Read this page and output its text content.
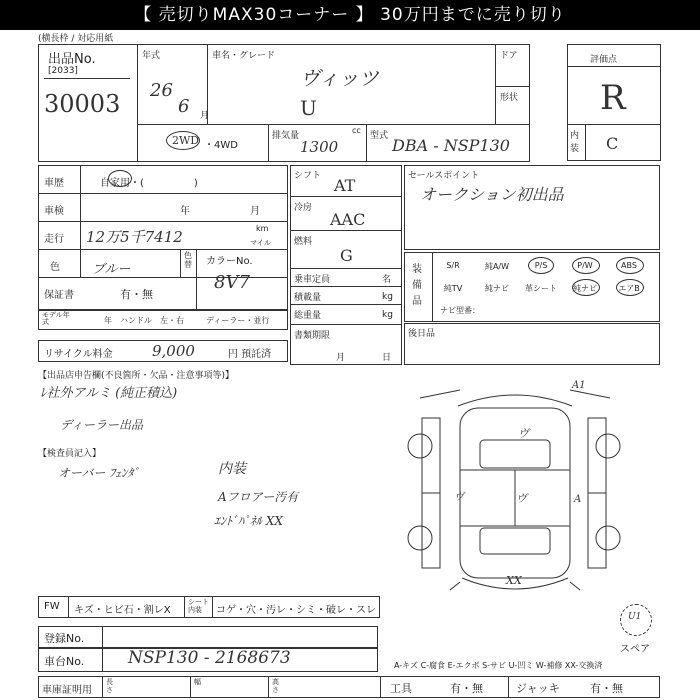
【 売切りMAX30コーナー 】 30万円までに売り切り
(横長枠 / 対応用紙
出品No.
[2033]
30003
年式
26
6 月
車名・グレード
ヴィッツ
U
ドア
形状
2WD ・4WD
排気量
cc
1300
型式 DBA - NSP130
評価点
R
内装 C
車歴	自家用・(　　　　　)
車検	年	月
走行 12万5千7412	km
マイル
色 ブルー
色替	カラーNo.
8V7
保証書	有・無
モデル年式	年 ハンドル　左・右	ディーラー・並行
リサイクル料金	9,000	円 預託済
シフト AT
冷房
AAC
燃料
G
乗車定員	名
積載量	kg
総重量	kg
書類期限
月	日
セールスポイント
オークション初出品
装備品
S/R	純A/W	P/S	P/W	ABS
純TV	純ナビ	革シート	純ナビ	エアB
ナビ型番：
後日品
【出品店申告欄(不良箇所・欠品・注意事項等)】
ﾚ社外アルミ (純正積込)
ディーラー出品
【検査員記入】
オーバー ﾌｪﾝﾀﾞ	内装
Aフロアー汚有
ｴﾝﾄﾞﾊﾟﾈﾙ XX
A1
ヴ
ヴ	ヴ	A
XX
U1
スペア
FW キズ・ヒビ石・割レX
シート内装	コゲ・穴・汚レ・シミ・破レ・スレ
登録No.
車台No.	NSP130 - 2168673	A-キズ C-腐食 E-エクボ S-サビ U-凹ミ W-補修 XX-交換済
車庫証明用
長さ
幅	高さ	工具	有・無	ジャッキ	有・無
